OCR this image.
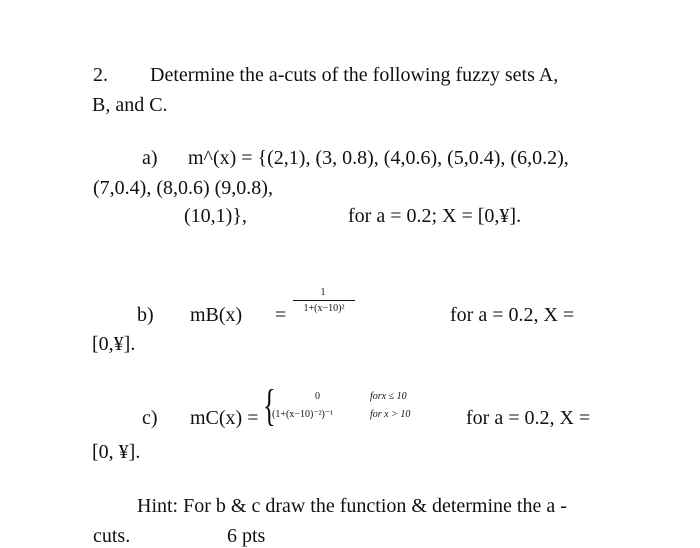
2. Determine the a-cuts of the following fuzzy sets A,
B, and C.
a) m^(x) = {(2,1), (3, 0.8), (4,0.6), (5,0.4), (6,0.2),
(7,0.4), (8,0.6) (9,0.8),
(10,1)},	for a = 0.2; X = [0,¥].
b) mB(x) =
1
1+(x−10)²	for a = 0.2, X =
[0,¥].
c) mC(x) = {	0	forx ≤ 10
(1+(x−10)⁻²)⁻¹	for x > 10	for a = 0.2, X =
[0, ¥].
Hint: For b & c draw the function & determine the a -
cuts.	6 pts
